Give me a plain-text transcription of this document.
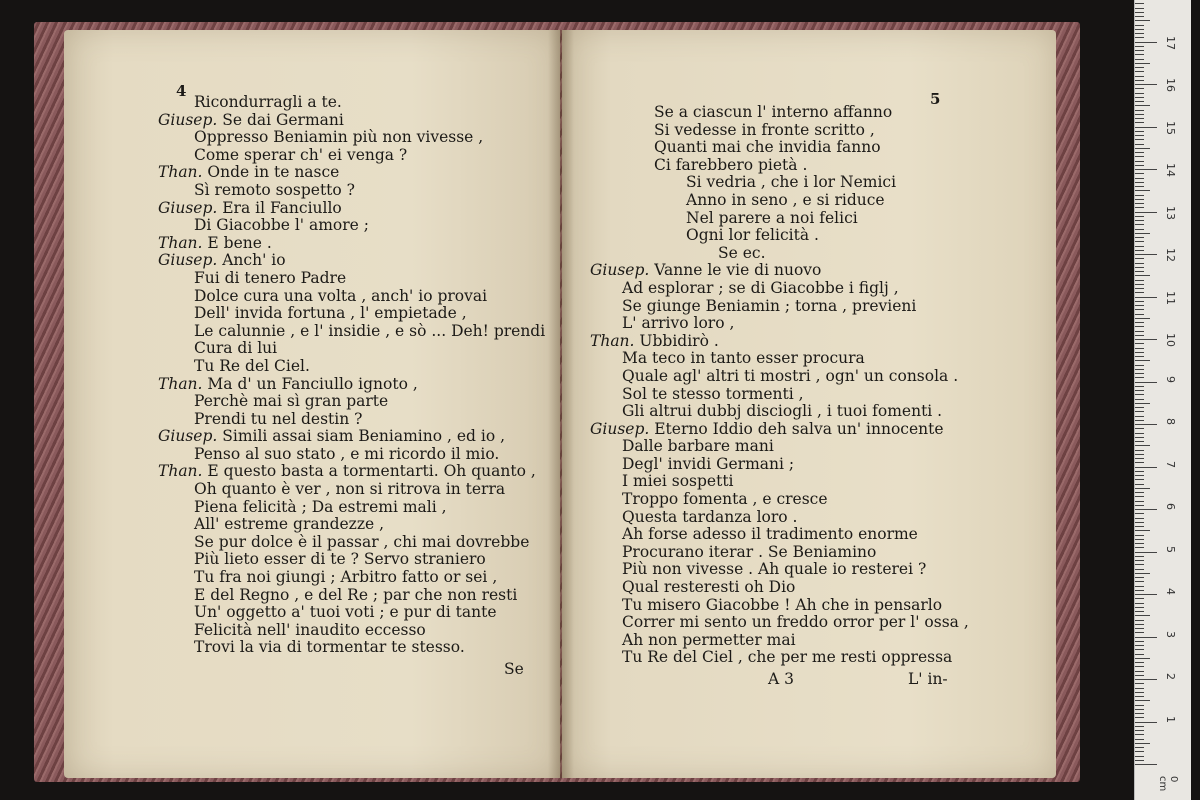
4
Ricondurragli a te.
Giusep. Se dai Germani
Oppresso Beniamin più non vivesse ,
Come sperar ch' ei venga ?
Than. Onde in te nasce
Sì remoto sospetto ?
Giusep. Era il Fanciullo
Di Giacobbe l' amore ;
Than. E bene .
Giusep. Anch' io
Fui di tenero Padre
Dolce cura una volta , anch' io provai
Dell' invida fortuna , l' empietade ,
Le calunnie , e l' insidie , e sò ... Deh! prendi
Cura di lui
Tu Re del Ciel.
Than. Ma d' un Fanciullo ignoto ,
Perchè mai sì gran parte
Prendi tu nel destin ?
Giusep. Simili assai siam Beniamino , ed io ,
Penso al suo stato , e mi ricordo il mio.
Than. E questo basta a tormentarti. Oh quanto ,
Oh quanto è ver , non si ritrova in terra
Piena felicità ; Da estremi mali ,
All' estreme grandezze ,
Se pur dolce è il passar , chi mai dovrebbe
Più lieto esser di te ? Servo straniero
Tu fra noi giungi ; Arbitro fatto or sei ,
E del Regno , e del Re ; par che non resti
Un' oggetto a' tuoi voti ; e pur di tante
Felicità nell' inaudito eccesso
Trovi la via di tormentar te stesso.
Se
5
Se a ciascun l' interno affanno
Si vedesse in fronte scritto ,
Quanti mai che invidia fanno
Ci farebbero pietà .
Si vedria , che i lor Nemici
Anno in seno , e si riduce
Nel parere a noi felici
Ogni lor felicità .
Se ec.
Giusep. Vanne le vie di nuovo
Ad esplorar ; se di Giacobbe i figlj ,
Se giunge Beniamin ; torna , previeni
L' arrivo loro ,
Than. Ubbidirò .
Ma teco in tanto esser procura
Quale agl' altri ti mostri , ogn' un consola .
Sol te stesso tormenti ,
Gli altrui dubbj disciogli , i tuoi fomenti .
Giusep. Eterno Iddio deh salva un' innocente
Dalle barbare mani
Degl' invidi Germani ;
I miei sospetti
Troppo fomenta , e cresce
Questa tardanza loro .
Ah forse adesso il tradimento enorme
Procurano iterar . Se Beniamino
Più non vivesse . Ah quale io resterei ?
Qual resteresti oh Dio
Tu misero Giacobbe ! Ah che in pensarlo
Correr mi sento un freddo orror per l' ossa ,
Ah non permetter mai
Tu Re del Ciel , che per me resti oppressa
A 3	L' in-
0 cm
1
2
3
4
5
6
7
8
9
10
11
12
13
14
15
16
17
